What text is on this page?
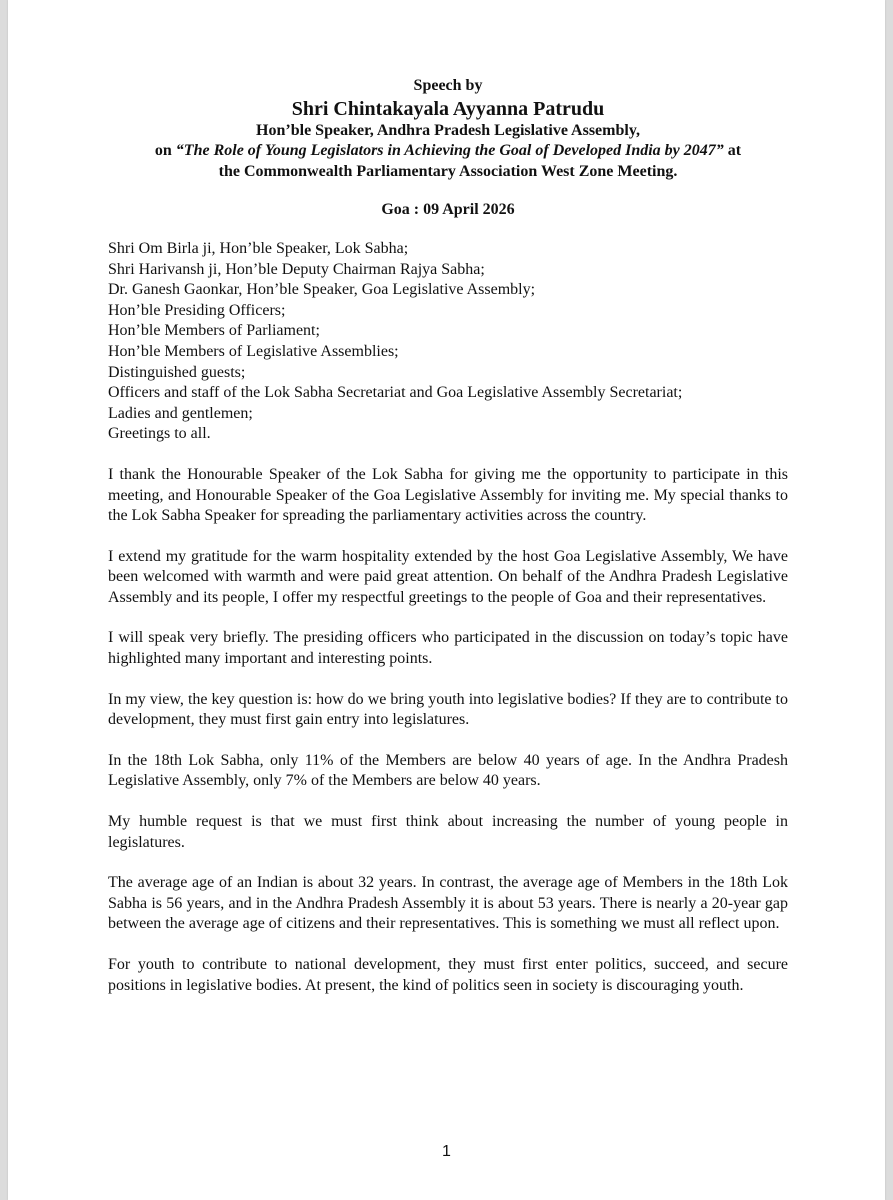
Speech by
Shri Chintakayala Ayyanna Patrudu
Hon’ble Speaker, Andhra Pradesh Legislative Assembly,
on “The Role of Young Legislators in Achieving the Goal of Developed India by 2047” at
the Commonwealth Parliamentary Association West Zone Meeting.
Goa : 09 April 2026
Shri Om Birla ji, Hon’ble Speaker, Lok Sabha;
Shri Harivansh ji, Hon’ble Deputy Chairman Rajya Sabha;
Dr. Ganesh Gaonkar, Hon’ble Speaker, Goa Legislative Assembly;
Hon’ble Presiding Officers;
Hon’ble Members of Parliament;
Hon’ble Members of Legislative Assemblies;
Distinguished guests;
Officers and staff of the Lok Sabha Secretariat and Goa Legislative Assembly Secretariat;
Ladies and gentlemen;
Greetings to all.

I thank the Honourable Speaker of the Lok Sabha for giving me the opportunity to participate in this meeting, and Honourable Speaker of the Goa Legislative Assembly for inviting me. My special thanks to the Lok Sabha Speaker for spreading the parliamentary activities across the country.

I extend my gratitude for the warm hospitality extended by the host Goa Legislative Assembly, We have been welcomed with warmth and were paid great attention. On behalf of the Andhra Pradesh Legislative Assembly and its people, I offer my respectful greetings to the people of Goa and their representatives.

I will speak very briefly. The presiding officers who participated in the discussion on today’s topic have highlighted many important and interesting points.

In my view, the key question is: how do we bring youth into legislative bodies? If they are to contribute to development, they must first gain entry into legislatures.

In the 18th Lok Sabha, only 11% of the Members are below 40 years of age. In the Andhra Pradesh Legislative Assembly, only 7% of the Members are below 40 years.

My humble request is that we must first think about increasing the number of young people in legislatures.

The average age of an Indian is about 32 years. In contrast, the average age of Members in the 18th Lok Sabha is 56 years, and in the Andhra Pradesh Assembly it is about 53 years. There is nearly a 20-year gap between the average age of citizens and their representatives. This is something we must all reflect upon.

For youth to contribute to national development, they must first enter politics, succeed, and secure positions in legislative bodies. At present, the kind of politics seen in society is discouraging youth.

1
